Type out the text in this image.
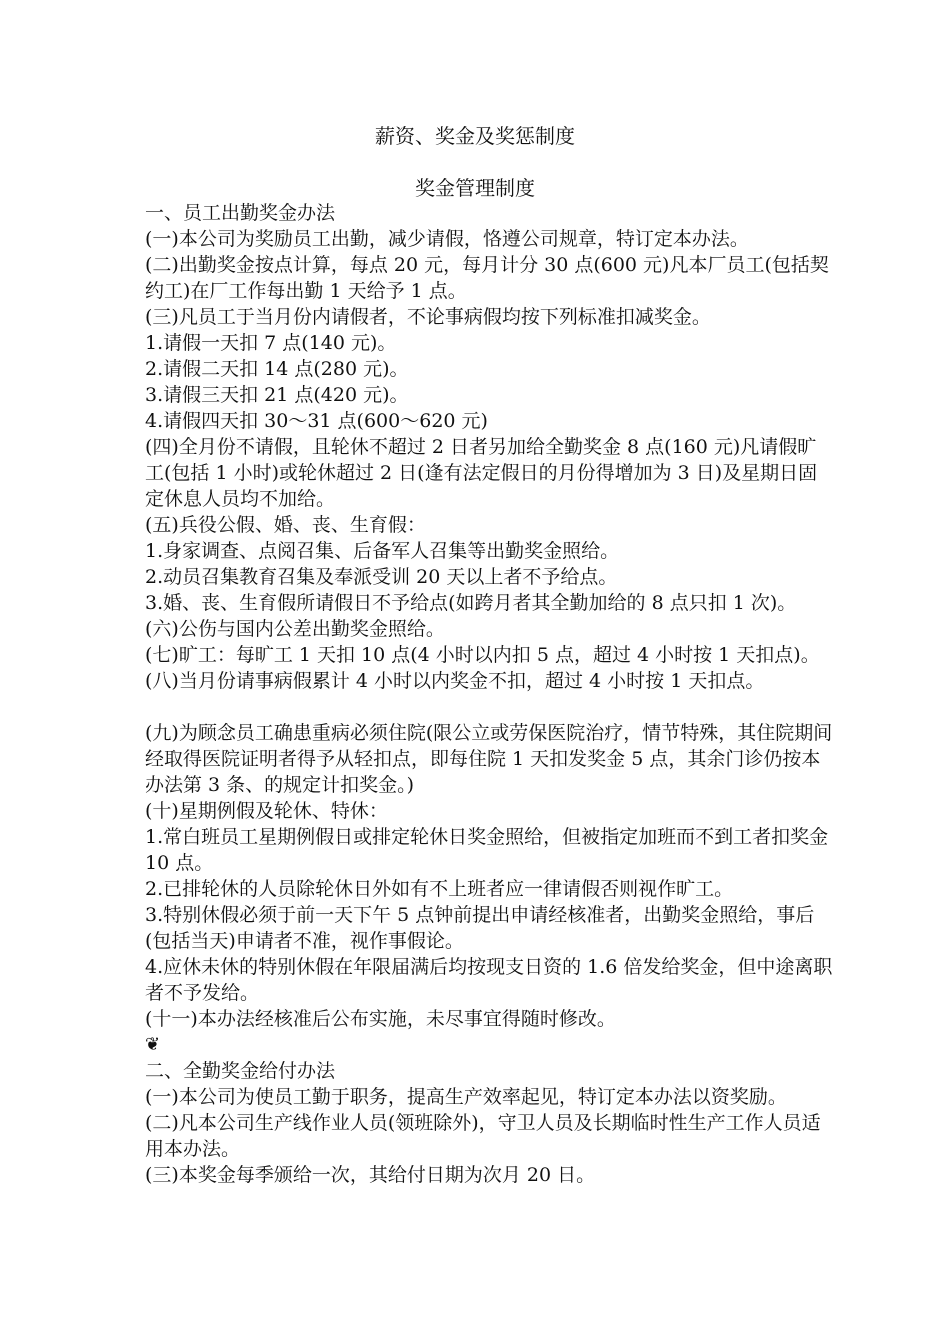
薪资、奖金及奖惩制度
奖金管理制度

一、员工出勤奖金办法

(一)本公司为奖励员工出勤，减少请假，恪遵公司规章，特订定本办法。

(二)出勤奖金按点计算，每点 20 元，每月计分 30 点(600 元)凡本厂员工(包括契约工)在厂工作每出勤 1 天给予 1 点。

(三)凡员工于当月份内请假者，不论事病假均按下列标准扣减奖金。

1.请假一天扣 7 点(140 元)。

2.请假二天扣 14 点(280 元)。

3.请假三天扣 21 点(420 元)。

4.请假四天扣 30～31 点(600～620 元)

(四)全月份不请假，且轮休不超过 2 日者另加给全勤奖金 8 点(160 元)凡请假旷工(包括 1 小时)或轮休超过 2 日(逢有法定假日的月份得增加为 3 日)及星期日固定休息人员均不加给。

(五)兵役公假、婚、丧、生育假：

1.身家调查、点阅召集、后备军人召集等出勤奖金照给。

2.动员召集教育召集及奉派受训 20 天以上者不予给点。

3.婚、丧、生育假所请假日不予给点(如跨月者其全勤加给的 8 点只扣 1 次)。

(六)公伤与国内公差出勤奖金照给。

(七)旷工：每旷工 1 天扣 10 点(4 小时以内扣 5 点，超过 4 小时按 1 天扣点)。

(八)当月份请事病假累计 4 小时以内奖金不扣，超过 4 小时按 1 天扣点。

(九)为顾念员工确患重病必须住院(限公立或劳保医院治疗，情节特殊，其住院期间经取得医院证明者得予从轻扣点，即每住院 1 天扣发奖金 5 点，其余门诊仍按本办法第 3 条、的规定计扣奖金。)

(十)星期例假及轮休、特休：

1.常白班员工星期例假日或排定轮休日奖金照给，但被指定加班而不到工者扣奖金 10 点。

2.已排轮休的人员除轮休日外如有不上班者应一律请假否则视作旷工。

3.特别休假必须于前一天下午 5 点钟前提出申请经核准者，出勤奖金照给，事后(包括当天)申请者不准，视作事假论。

4.应休未休的特别休假在年限届满后均按现支日资的 1.6 倍发给奖金，但中途离职者不予发给。

(十一)本办法经核准后公布实施，未尽事宜得随时修改。

❦

二、全勤奖金给付办法

(一)本公司为使员工勤于职务，提高生产效率起见，特订定本办法以资奖励。

(二)凡本公司生产线作业人员(领班除外)，守卫人员及长期临时性生产工作人员适用本办法。

(三)本奖金每季颁给一次，其给付日期为次月 20 日。
